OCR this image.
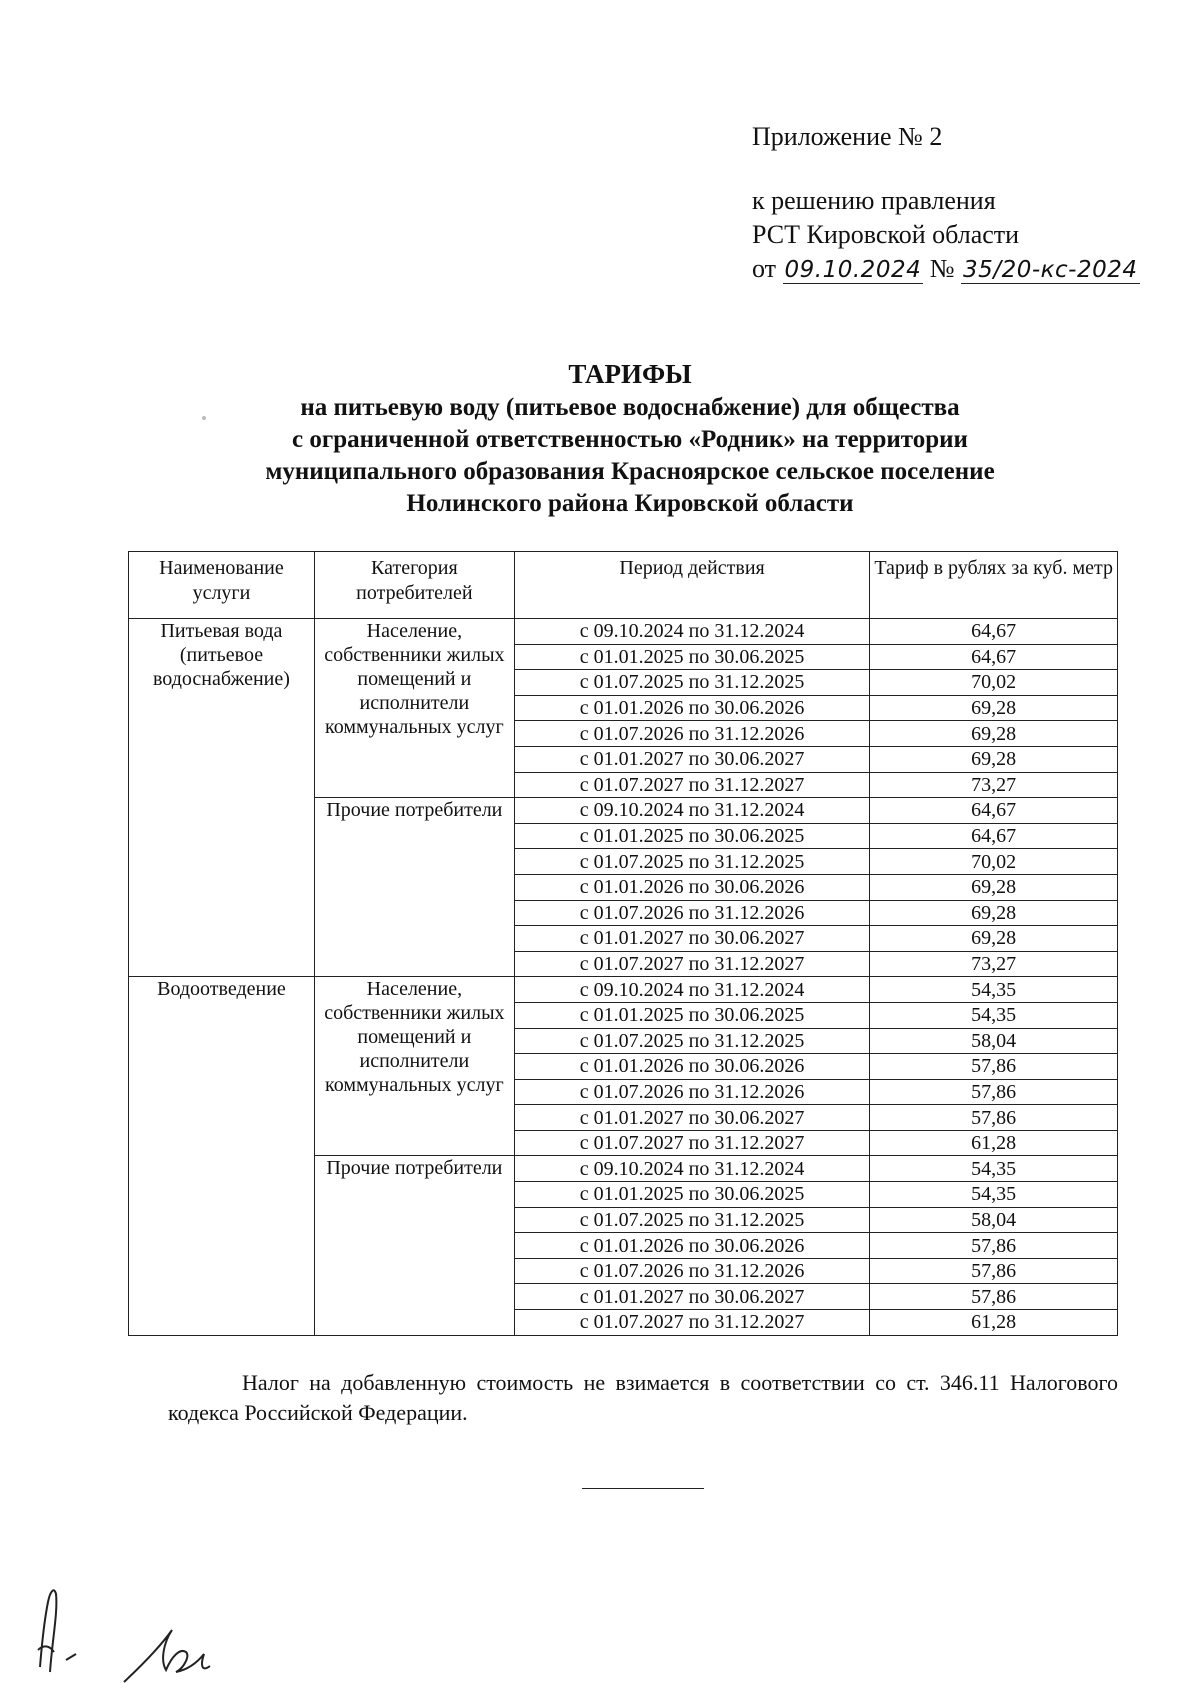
Приложение № 2
к решению правления
РСТ Кировской области
от 09.10.2024 № 35/20-кс-2024
ТАРИФЫ
на питьевую воду (питьевое водоснабжение) для общества
с ограниченной ответственностью «Родник» на территории
муниципального образования Красноярское сельское поселение
Нолинского района Кировской области
Наименование услуги	Категория потребителей	Период действия	Тариф в рублях за куб. метр
Питьевая вода (питьевое водоснабжение)	Население, собственники жилых помещений и исполнители коммунальных услуг	с 09.10.2024 по 31.12.2024	64,67
		с 01.01.2025 по 30.06.2025	64,67
		с 01.07.2025 по 31.12.2025	70,02
		с 01.01.2026 по 30.06.2026	69,28
		с 01.07.2026 по 31.12.2026	69,28
		с 01.01.2027 по 30.06.2027	69,28
		с 01.07.2027 по 31.12.2027	73,27
	Прочие потребители	с 09.10.2024 по 31.12.2024	64,67
		с 01.01.2025 по 30.06.2025	64,67
		с 01.07.2025 по 31.12.2025	70,02
		с 01.01.2026 по 30.06.2026	69,28
		с 01.07.2026 по 31.12.2026	69,28
		с 01.01.2027 по 30.06.2027	69,28
		с 01.07.2027 по 31.12.2027	73,27
Водоотведение	Население, собственники жилых помещений и исполнители коммунальных услуг	с 09.10.2024 по 31.12.2024	54,35
		с 01.01.2025 по 30.06.2025	54,35
		с 01.07.2025 по 31.12.2025	58,04
		с 01.01.2026 по 30.06.2026	57,86
		с 01.07.2026 по 31.12.2026	57,86
		с 01.01.2027 по 30.06.2027	57,86
		с 01.07.2027 по 31.12.2027	61,28
	Прочие потребители	с 09.10.2024 по 31.12.2024	54,35
		с 01.01.2025 по 30.06.2025	54,35
		с 01.07.2025 по 31.12.2025	58,04
		с 01.01.2026 по 30.06.2026	57,86
		с 01.07.2026 по 31.12.2026	57,86
		с 01.01.2027 по 30.06.2027	57,86
		с 01.07.2027 по 31.12.2027	61,28
Налог на добавленную стоимость не взимается в соответствии со ст. 346.11 Налогового кодекса Российской Федерации.
